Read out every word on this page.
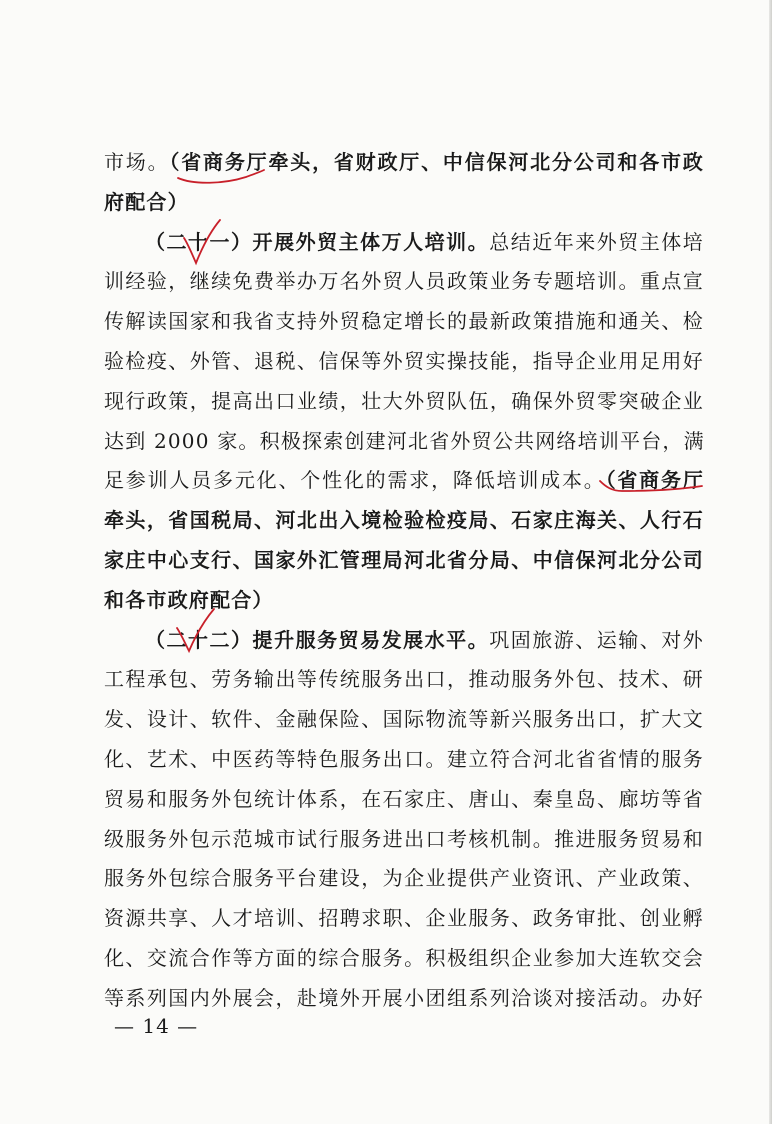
市场。（省商务厅牵头，省财政厅、中信保河北分公司和各市政
府配合）
（二十一）开展外贸主体万人培训。总结近年来外贸主体培
训经验，继续免费举办万名外贸人员政策业务专题培训。重点宣
传解读国家和我省支持外贸稳定增长的最新政策措施和通关、检
验检疫、外管、退税、信保等外贸实操技能，指导企业用足用好
现行政策，提高出口业绩，壮大外贸队伍，确保外贸零突破企业
达到 2000 家。积极探索创建河北省外贸公共网络培训平台，满
足参训人员多元化、个性化的需求，降低培训成本。（省商务厅
牵头，省国税局、河北出入境检验检疫局、石家庄海关、人行石
家庄中心支行、国家外汇管理局河北省分局、中信保河北分公司
和各市政府配合）
（二十二）提升服务贸易发展水平。巩固旅游、运输、对外
工程承包、劳务输出等传统服务出口，推动服务外包、技术、研
发、设计、软件、金融保险、国际物流等新兴服务出口，扩大文
化、艺术、中医药等特色服务出口。建立符合河北省省情的服务
贸易和服务外包统计体系，在石家庄、唐山、秦皇岛、廊坊等省
级服务外包示范城市试行服务进出口考核机制。推进服务贸易和
服务外包综合服务平台建设，为企业提供产业资讯、产业政策、
资源共享、人才培训、招聘求职、企业服务、政务审批、创业孵
化、交流合作等方面的综合服务。积极组织企业参加大连软交会
等系列国内外展会，赴境外开展小团组系列洽谈对接活动。办好
— 14 —
